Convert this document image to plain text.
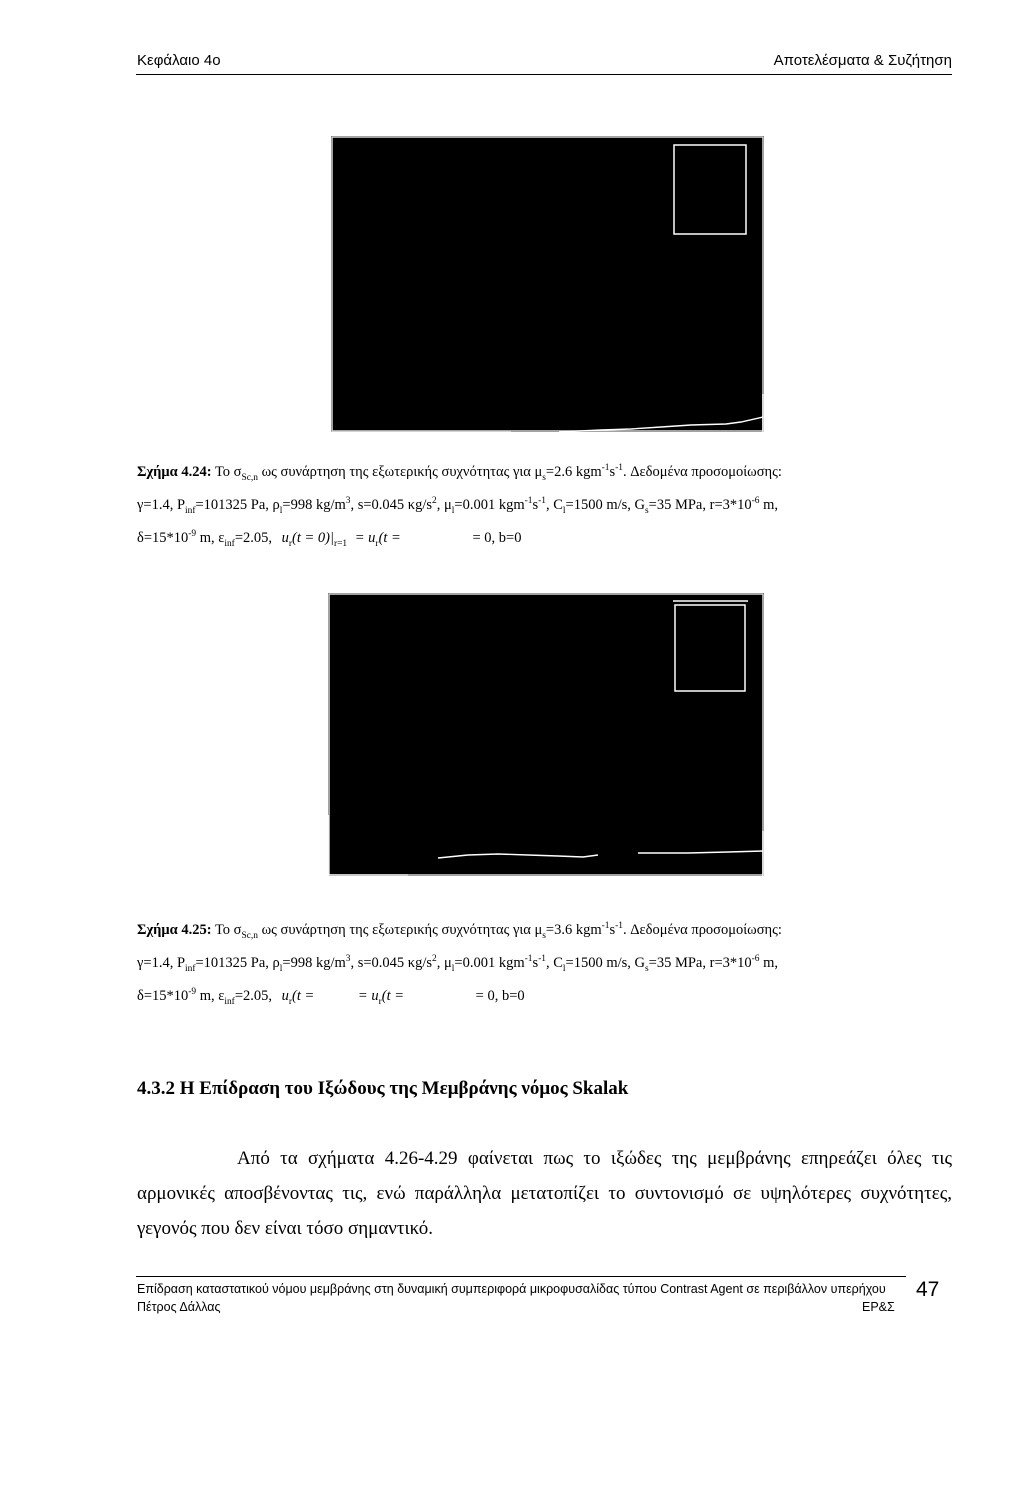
Κεφάλαιο 4ο	Αποτελέσματα & Συζήτηση
Σχήμα 4.24: Το $\sigma_{Sc,n}$ ως συνάρτηση της εξωτερικής συχνότητας για $\mu_s=2.6$ $kgm^{-1}s^{-1}$. Δεδομένα προσομοίωσης:
γ=1.4, $P_{inf}=101325$ Pa, $\rho_l=998$ $kg/m^3$, s=0.045 $\kappa g/s^2$, $\mu_l=0.001$ $kgm^{-1}s^{-1}$, $C_l=1500$ m/s, $G_s=35$ MPa, $r=3*10^{-6}$ m,
$\delta=15*10^{-9}$ m, $\varepsilon_{inf}=2.05$, $u_r(t = 0)|_{r=1} = u_r(t$ =	= 0, b=0
Σχήμα 4.25: Το $\sigma_{Sc,n}$ ως συνάρτηση της εξωτερικής συχνότητας για $\mu_s=3.6$ $kgm^{-1}s^{-1}$. Δεδομένα προσομοίωσης:
γ=1.4, $P_{inf}=101325$ Pa, $\rho_l=998$ $kg/m^3$, s=0.045 $\kappa g/s^2$, $\mu_l=0.001$ $kgm^{-1}s^{-1}$, $C_l=1500$ m/s, $G_s=35$ MPa, $r=3*10^{-6}$ m,
$\delta=15*10^{-9}$ m, $\varepsilon_{inf}=2.05$, $u_r(t$ =	= $u_r(t$ =	= 0, b=0
4.3.2 Η Επίδραση του Ιξώδους της Μεμβράνης νόμος Skalak
Από τα σχήματα 4.26-4.29 φαίνεται πως το ιξώδες της μεμβράνης επηρεάζει όλες τις αρμονικές αποσβένοντας τις, ενώ παράλληλα μετατοπίζει το συντονισμό σε υψηλότερες συχνότητες, γεγονός που δεν είναι τόσο σημαντικό.
Επίδραση καταστατικού νόμου μεμβράνης στη δυναμική συμπεριφορά μικροφυσαλίδας τύπου Contrast Agent σε περιβάλλον υπερήχου
Πέτρος Δάλλας	ΕΡ&Σ
47
